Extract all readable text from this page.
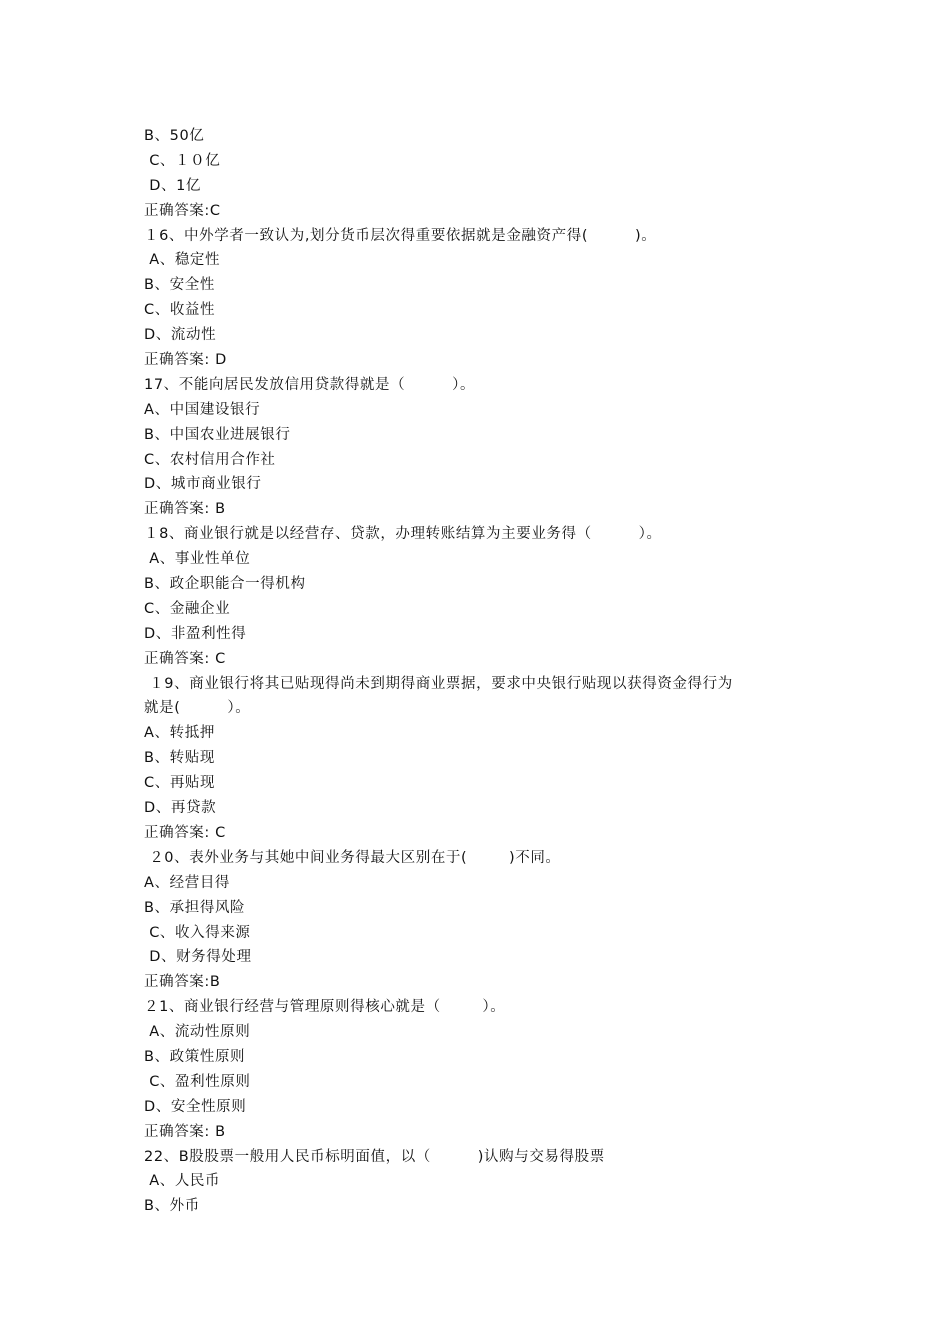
B、50亿
C、１０亿
D、1亿
正确答案:C
１6、中外学者一致认为,划分货币层次得重要依据就是金融资产得(         )。
A、稳定性
B、安全性
C、收益性
D、流动性
正确答案: D
17、不能向居民发放信用贷款得就是（         ）。
A、中国建设银行
B、中国农业进展银行
C、农村信用合作社
D、城市商业银行
正确答案: B
１8、商业银行就是以经营存、贷款，办理转账结算为主要业务得（         ）。
A、事业性单位
B、政企职能合一得机构
C、金融企业
D、非盈利性得
正确答案: C
１9、商业银行将其已贴现得尚未到期得商业票据，要求中央银行贴现以获得资金得行为
就是(         ）。
A、转抵押
B、转贴现
C、再贴现
D、再贷款
正确答案: C
２0、表外业务与其她中间业务得最大区别在于(        )不同。
A、经营目得
B、承担得风险
C、收入得来源
D、财务得处理
正确答案:B
２1、商业银行经营与管理原则得核心就是（        ）。
A、流动性原则
B、政策性原则
C、盈利性原则
D、安全性原则
正确答案: B
22、B股股票一般用人民币标明面值，以（         )认购与交易得股票
A、人民币
B、外币
